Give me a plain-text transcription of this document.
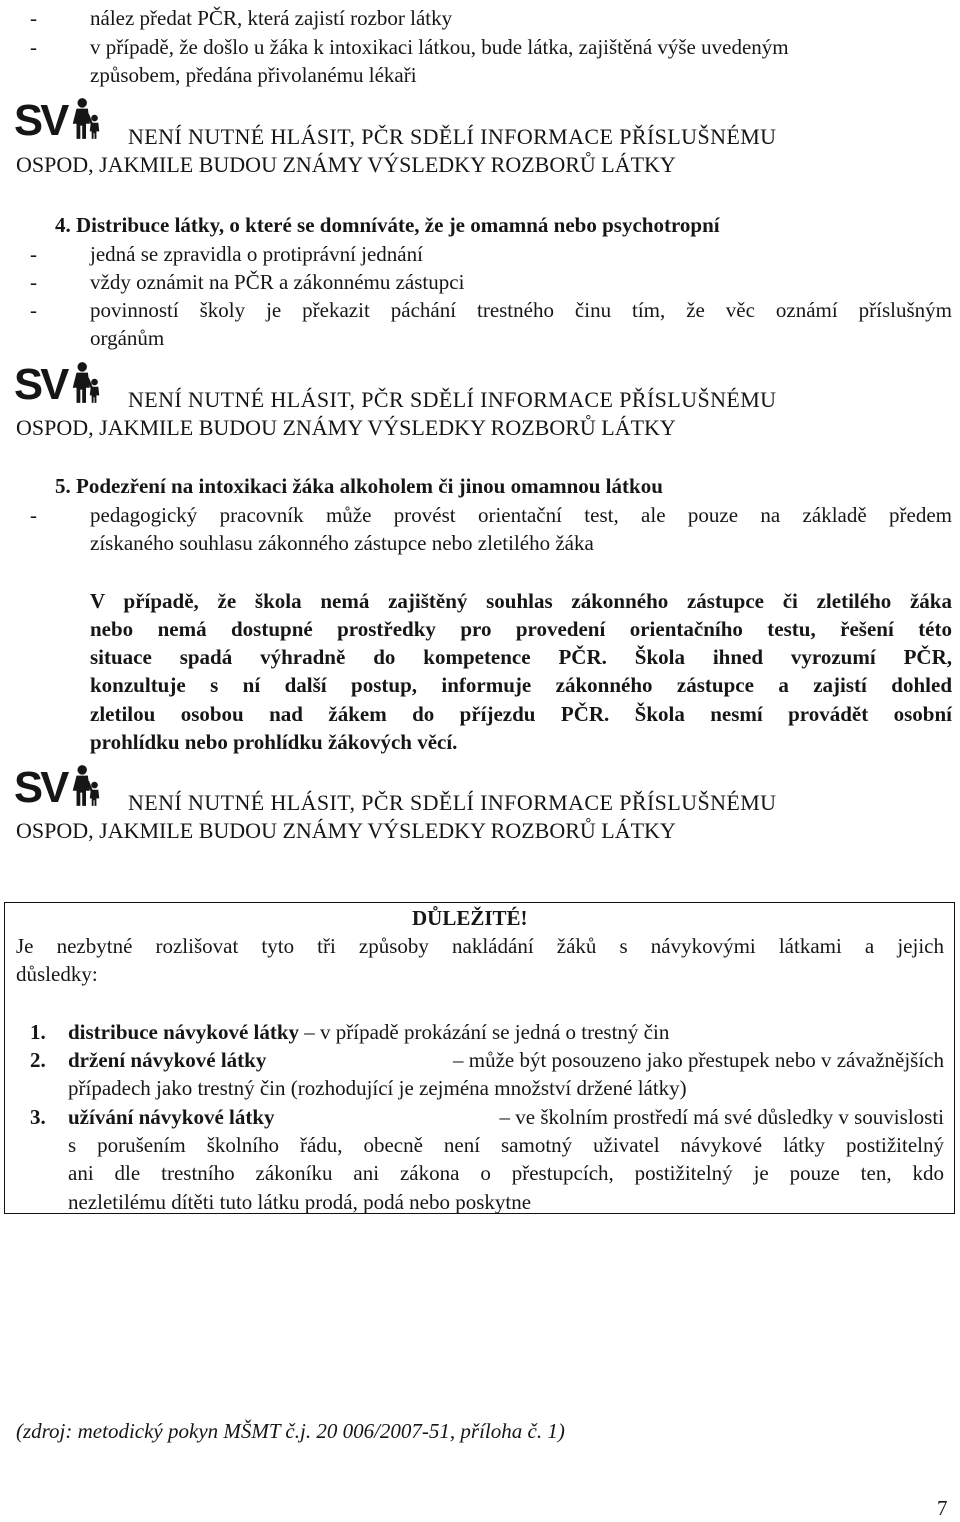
-	nález předat PČR, která zajistí rozbor látky
-	v případě, že došlo u žáka k intoxikaci látkou, bude látka, zajištěná výše uvedeným
způsobem, předána přivolanému lékaři
NENÍ NUTNÉ HLÁSIT, PČR SDĚLÍ INFORMACE PŘÍSLUŠNÉMU
OSPOD, JAKMILE BUDOU ZNÁMY VÝSLEDKY ROZBORŮ LÁTKY
4. Distribuce látky, o které se domníváte, že je omamná nebo psychotropní
-	jedná se zpravidla o protiprávní jednání
-	vždy oznámit na PČR a zákonnému zástupci
-	povinností školy je překazit páchání trestného činu tím, že věc oznámí příslušným
orgánům
NENÍ NUTNÉ HLÁSIT, PČR SDĚLÍ INFORMACE PŘÍSLUŠNÉMU
OSPOD, JAKMILE BUDOU ZNÁMY VÝSLEDKY ROZBORŮ LÁTKY
5. Podezření na intoxikaci žáka alkoholem či jinou omamnou látkou
-	pedagogický pracovník může provést orientační test, ale pouze na základě předem
získaného souhlasu zákonného zástupce nebo zletilého žáka
V případě, že škola nemá zajištěný souhlas zákonného zástupce či zletilého žáka
nebo nemá dostupné prostředky pro provedení orientačního testu, řešení této
situace spadá výhradně do kompetence PČR. Škola ihned vyrozumí PČR,
konzultuje s ní další postup, informuje zákonného zástupce a zajistí dohled
zletilou osobou nad žákem do příjezdu PČR. Škola nesmí provádět osobní
prohlídku nebo prohlídku žákových věcí.
NENÍ NUTNÉ HLÁSIT, PČR SDĚLÍ INFORMACE PŘÍSLUŠNÉMU
OSPOD, JAKMILE BUDOU ZNÁMY VÝSLEDKY ROZBORŮ LÁTKY
DŮLEŽITÉ!
Je nezbytné rozlišovat tyto tři způsoby nakládání žáků s návykovými látkami a jejich
důsledky:
1. distribuce návykové látky – v případě prokázání se jedná o trestný čin
2. držení návykové látky	– může být posouzeno jako přestupek nebo v závažnějších
případech jako trestný čin (rozhodující je zejména množství držené látky)
3. užívání návykové látky	– ve školním prostředí má své důsledky v souvislosti
s porušením školního řádu, obecně není samotný uživatel návykové látky postižitelný
ani dle trestního zákoníku ani zákona o přestupcích, postižitelný je pouze ten, kdo
nezletilému dítěti tuto látku prodá, podá nebo poskytne
(zdroj: metodický pokyn MŠMT č.j. 20 006/2007-51, příloha č. 1)
7
